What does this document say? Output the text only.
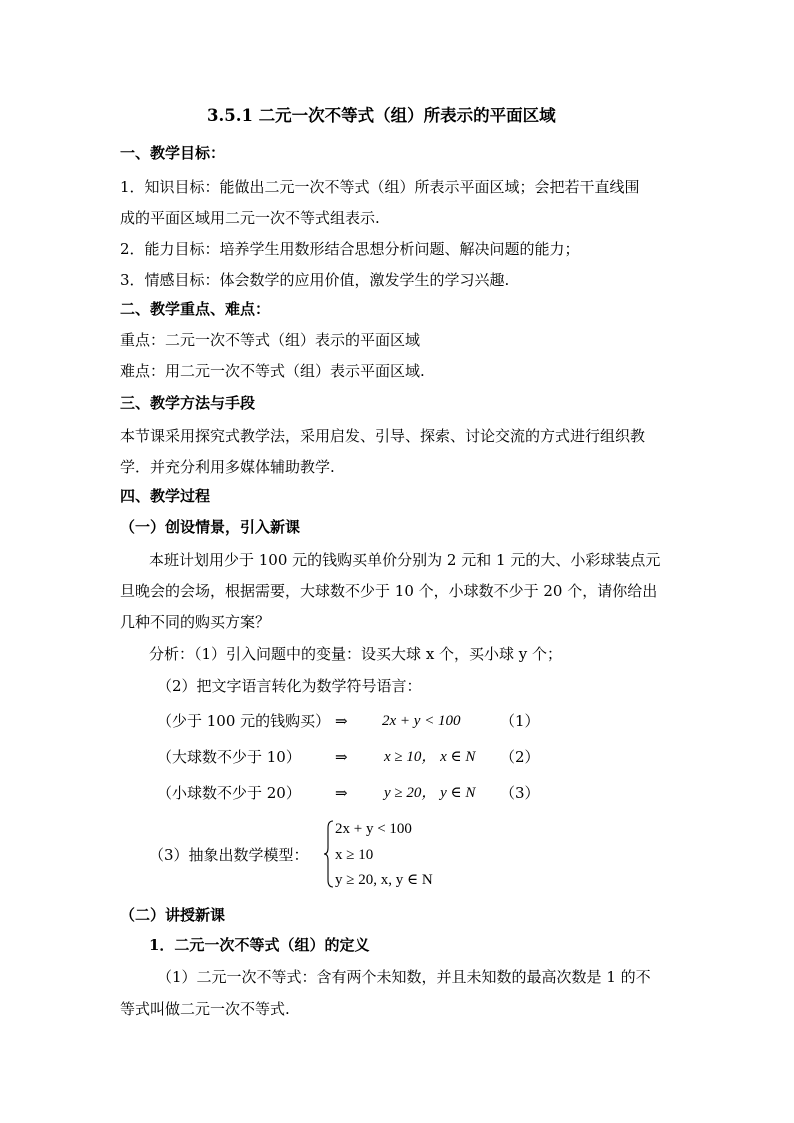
3.5.1 二元一次不等式（组）所表示的平面区域
一、教学目标：
1．知识目标：能做出二元一次不等式（组）所表示平面区域；会把若干直线围
成的平面区域用二元一次不等式组表示.
2．能力目标：培养学生用数形结合思想分析问题、解决问题的能力；
3．情感目标：体会数学的应用价值，激发学生的学习兴趣.
二、教学重点、难点：
重点：二元一次不等式（组）表示的平面区域
难点：用二元一次不等式（组）表示平面区域.
三、教学方法与手段
本节课采用探究式教学法，采用启发、引导、探索、讨论交流的方式进行组织教
学．并充分利用多媒体辅助教学.
四、教学过程
（一）创设情景，引入新课
本班计划用少于 100 元的钱购买单价分别为 2 元和 1 元的大、小彩球装点元
旦晚会的会场，根据需要，大球数不少于 10 个，小球数不少于 20 个，请你给出
几种不同的购买方案？
分析：（1）引入问题中的变量：设买大球 x 个，买小球 y 个；
（2）把文字语言转化为数学符号语言：
（少于 100 元的钱购买） ⇒ 2x + y < 100	（1）
（大球数不少于 10） ⇒ x ≥ 10， x ∈ N （2）
（小球数不少于 20） ⇒ y ≥ 20， y ∈ N （3）
（3）抽象出数学模型：
2x + y < 100
x ≥ 10
y ≥ 20, x, y ∈ N
（二）讲授新课
1．二元一次不等式（组）的定义
（1）二元一次不等式：含有两个未知数，并且未知数的最高次数是 1 的不
等式叫做二元一次不等式.
